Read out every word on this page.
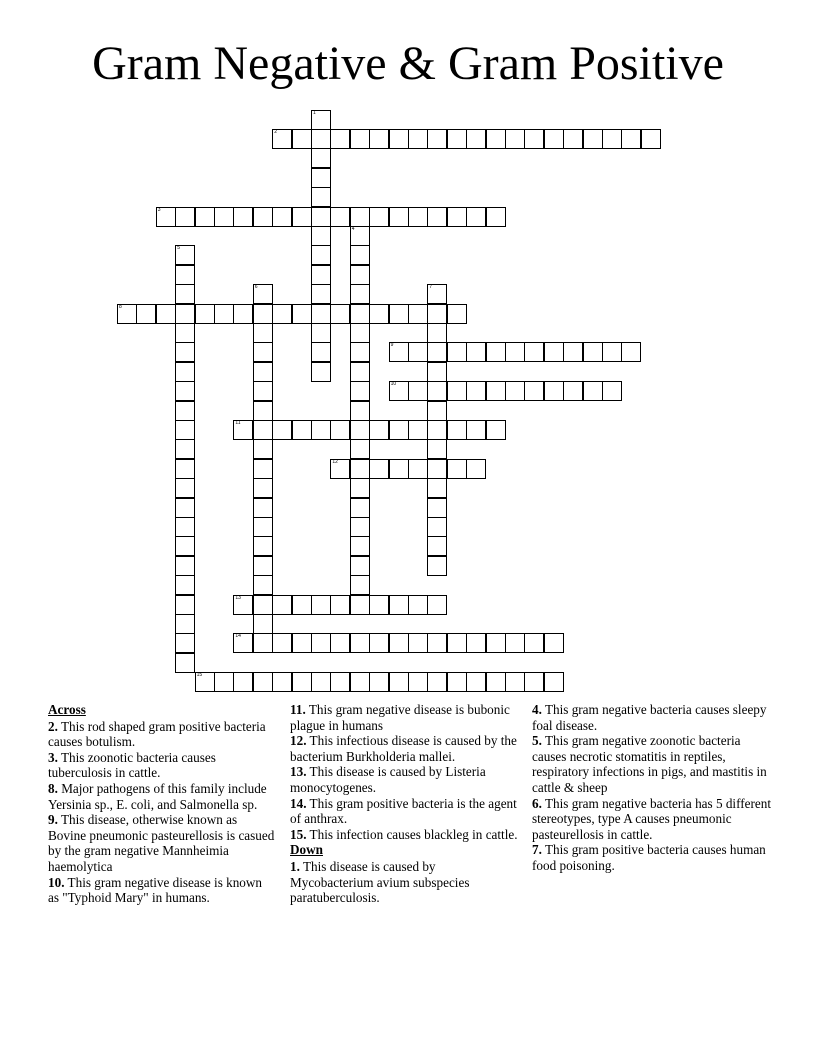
Gram Negative & Gram Positive
2
3
8
9
10
11
12
13
14
15
1
4
5
6	7

Across

2. This rod shaped gram positive bacteria causes botulism.

3. This zoonotic bacteria causes tuberculosis in cattle.

8. Major pathogens of this family include Yersinia sp., E. coli, and Salmonella sp.

9. This disease, otherwise known as Bovine pneumonic pasteurellosis is casued by the gram negative Mannheimia haemolytica

10. This gram negative disease is known as "Typhoid Mary" in humans.

11. This gram negative disease is bubonic plague in humans

12. This infectious disease is caused by the bacterium Burkholderia mallei.

13. This disease is caused by Listeria monocytogenes.

14. This gram positive bacteria is the agent of anthrax.

15. This infection causes blackleg in cattle.

Down

1. This disease is caused by Mycobacterium avium subspecies paratuberculosis.

4. This gram negative bacteria causes sleepy foal disease.

5. This gram negative zoonotic bacteria causes necrotic stomatitis in reptiles, respiratory infections in pigs, and mastitis in cattle & sheep

6. This gram negative bacteria has 5 different stereotypes, type A causes pneumonic pasteurellosis in cattle.

7. This gram positive bacteria causes human food poisoning.
